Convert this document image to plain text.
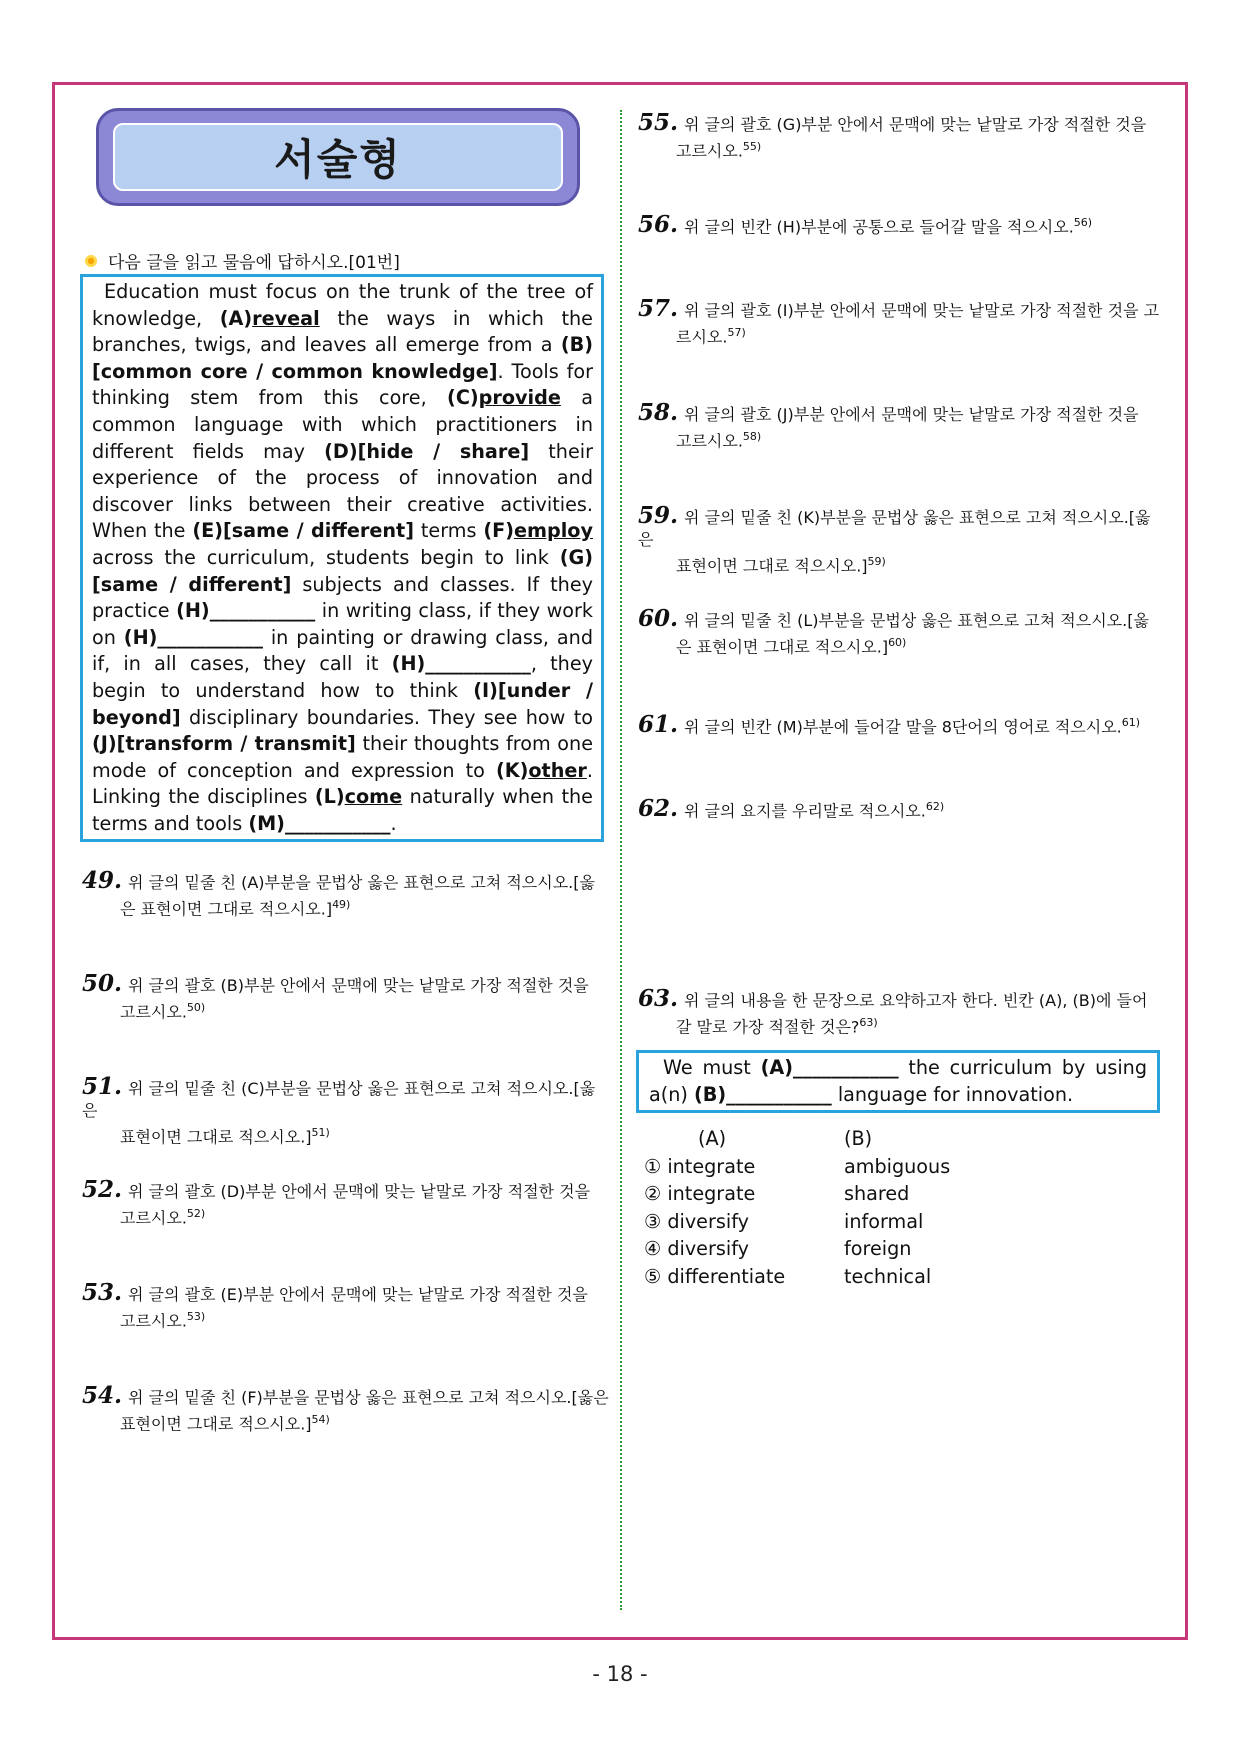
서술형
다음 글을 읽고 물음에 답하시오.[01번]

Education must focus on the trunk of the tree of knowledge, (A)reveal the ways in which the branches, twigs, and leaves all emerge from a (B)[common core / common knowledge]. Tools for thinking stem from this core, (C)provide a common language with which practitioners in different fields may (D)[hide / share] their experience of the process of innovation and discover links between their creative activities. When the (E)[same / different] terms (F)employ across the curriculum, students begin to link (G)[same / different] subjects and classes. If they practice (H)___________ in writing class, if they work on (H)___________ in painting or drawing class, and if, in all cases, they call it (H)___________, they begin to understand how to think (I)[under / beyond] disciplinary boundaries. They see how to (J)[transform / transmit] their thoughts from one mode of conception and expression to (K)other. Linking the disciplines (L)come naturally when the terms and tools (M)___________.

49. 위 글의 밑줄 친 (A)부분을 문법상 옳은 표현으로 고쳐 적으시오.[옳
은 표현이면 그대로 적으시오.]$^{49)}$
50. 위 글의 괄호 (B)부분 안에서 문맥에 맞는 낱말로 가장 적절한 것을
고르시오.$^{50)}$
51. 위 글의 밑줄 친 (C)부분을 문법상 옳은 표현으로 고쳐 적으시오.[옳은
표현이면 그대로 적으시오.]$^{51)}$
52. 위 글의 괄호 (D)부분 안에서 문맥에 맞는 낱말로 가장 적절한 것을
고르시오.$^{52)}$
53. 위 글의 괄호 (E)부분 안에서 문맥에 맞는 낱말로 가장 적절한 것을
고르시오.$^{53)}$
54. 위 글의 밑줄 친 (F)부분을 문법상 옳은 표현으로 고쳐 적으시오.[옳은
표현이면 그대로 적으시오.]$^{54)}$
55. 위 글의 괄호 (G)부분 안에서 문맥에 맞는 낱말로 가장 적절한 것을
고르시오.$^{55)}$
56. 위 글의 빈칸 (H)부분에 공통으로 들어갈 말을 적으시오.$^{56)}$
57. 위 글의 괄호 (I)부분 안에서 문맥에 맞는 낱말로 가장 적절한 것을 고
르시오.$^{57)}$
58. 위 글의 괄호 (J)부분 안에서 문맥에 맞는 낱말로 가장 적절한 것을
고르시오.$^{58)}$
59. 위 글의 밑줄 친 (K)부분을 문법상 옳은 표현으로 고쳐 적으시오.[옳은
표현이면 그대로 적으시오.]$^{59)}$
60. 위 글의 밑줄 친 (L)부분을 문법상 옳은 표현으로 고쳐 적으시오.[옳
은 표현이면 그대로 적으시오.]$^{60)}$
61. 위 글의 빈칸 (M)부분에 들어갈 말을 8단어의 영어로 적으시오.$^{61)}$
62. 위 글의 요지를 우리말로 적으시오.$^{62)}$
63. 위 글의 내용을 한 문장으로 요약하고자 한다. 빈칸 (A), (B)에 들어
갈 말로 가장 적절한 것은?$^{63)}$
We must (A)___________ the curriculum by using a(n) (B)___________ language for innovation.
(A)	(B)
① integrate	ambiguous
② integrate	shared
③ diversify	informal
④ diversify	foreign
⑤ differentiate	technical
- 18 -
